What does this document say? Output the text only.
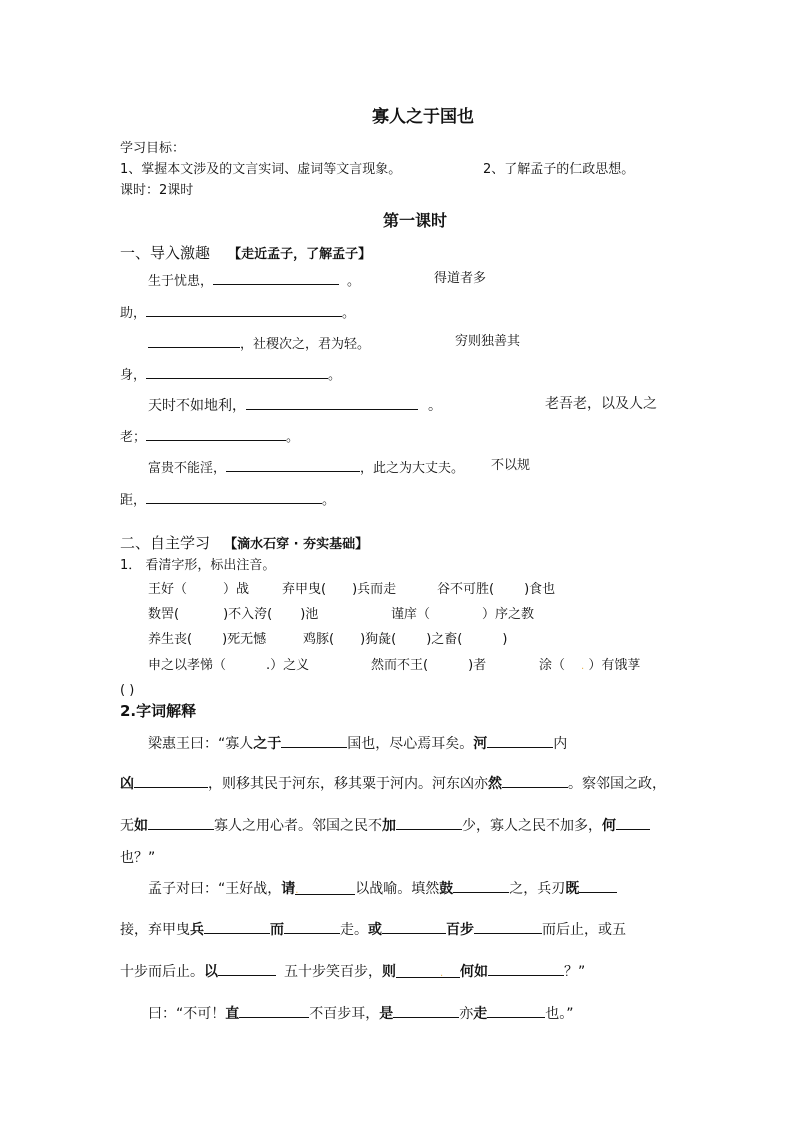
寡人之于国也
学习目标：
1、掌握本文涉及的文言实词、虚词等文言现象。	2、了解孟子的仁政思想。
课时：2课时
第一课时
一、导入激趣 【走近孟子，了解孟子】
生于忧患，	。	得道者多
助，	。
，社稷次之，君为轻。	穷则独善其
身，	。
天时不如地利，	。	老吾老，以及人之
老；	。
富贵不能淫，	，此之为大丈夫。 不以规
距，	。
二、自主学习 【滴水石穿 · 夯实基础】
1． 看清字形，标出注音。
王好（	）战	弃甲曳( )兵而走	谷不可胜( )食也
数罟(	)不入洿( )池	谨庠（	）序之教
养生丧( )死无憾	鸡豚( )狗彘( )之畜(	)
申之以孝悌（	.）之义	然而不王(	)者	涂（ . ）有饿莩
( )
2.字词解释
梁惠王曰：“寡人之于	国也，尽心焉耳矣。河	内
凶	，则移其民于河东，移其粟于河内。河东凶亦然	。察邻国之政，
无如	寡人之用心者。邻国之民不加	少，寡人之民不加多，何
也？”
孟子对曰：“王好战，请.	以战喻。填然鼓	之，兵刃既
接，弃甲曳兵	而	走。或	百步	而后止，或五
十步而后止。以	五十步笑百步，则	. 何如	？”
曰：“不可！直	不百步耳，是	亦走	也。”
